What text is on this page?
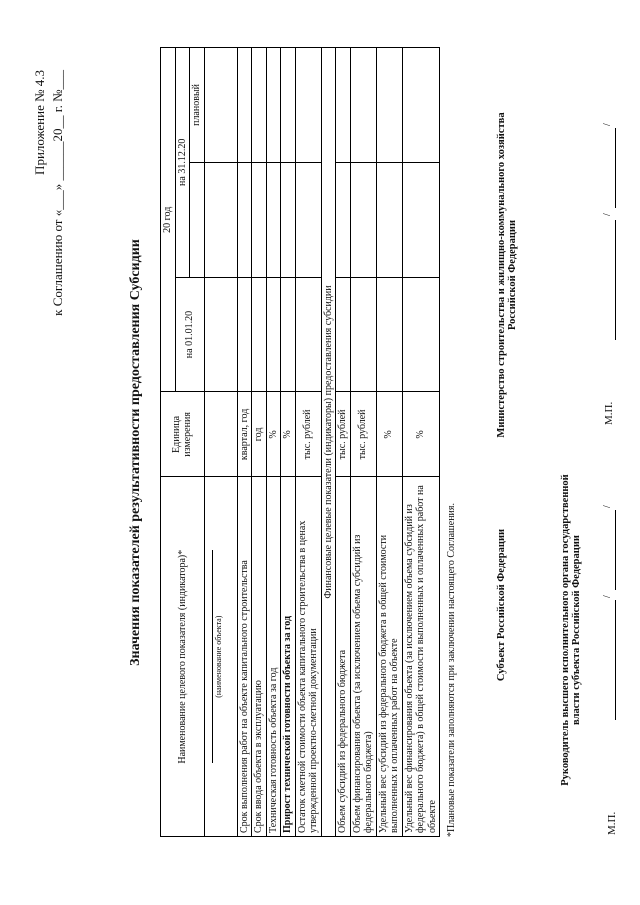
Приложение № 4.3 к Соглашению от «___» ______20__ г. №___
Значения показателей результативности предоставления Субсидии	Наименование целевого показателя (индикатора)*	Единица измерения	20 год		
		на 01.01.20	на 31.12.20	
				плановый

(наименование объекта)				

Срок выполнения работ на объекте капитального строительства	квартал, год			
Срок ввода объекта в эксплуатацию	год			
Техническая готовность объекта за год	%			
Прирост технической готовности объекта за год	%			
Остаток сметной стоимости объекта капитального строительства в ценах утвержденной проектно-сметной документации	тыс. рублей			
Финансовые целевые показатели (индикаторы) предоставления субсидии				
Объем субсидий из федерального бюджета	тыс. рублей			
Объем финансирования объекта (за исключением объема субсидий из федерального бюджета)	тыс. рублей			
Удельный вес субсидий из федерального бюджета в общей стоимости выполненных и оплаченных работ на объекте	%			
Удельный вес финансирования объекта (за исключением объема субсидий из федерального бюджета) в общей стоимости выполненных и оплаченных работ на объекте	%			
*Плановые показатели заполняются при заключении настоящего Соглашения.	Субъект Российской Федерации
Министерство строительства и жилищно-коммунального хозяйства Российской Федерации
Руководитель высшего исполнительного органа государственной власти субъекта Российской Федерации /
/
/
/
М.П.
М.П.
